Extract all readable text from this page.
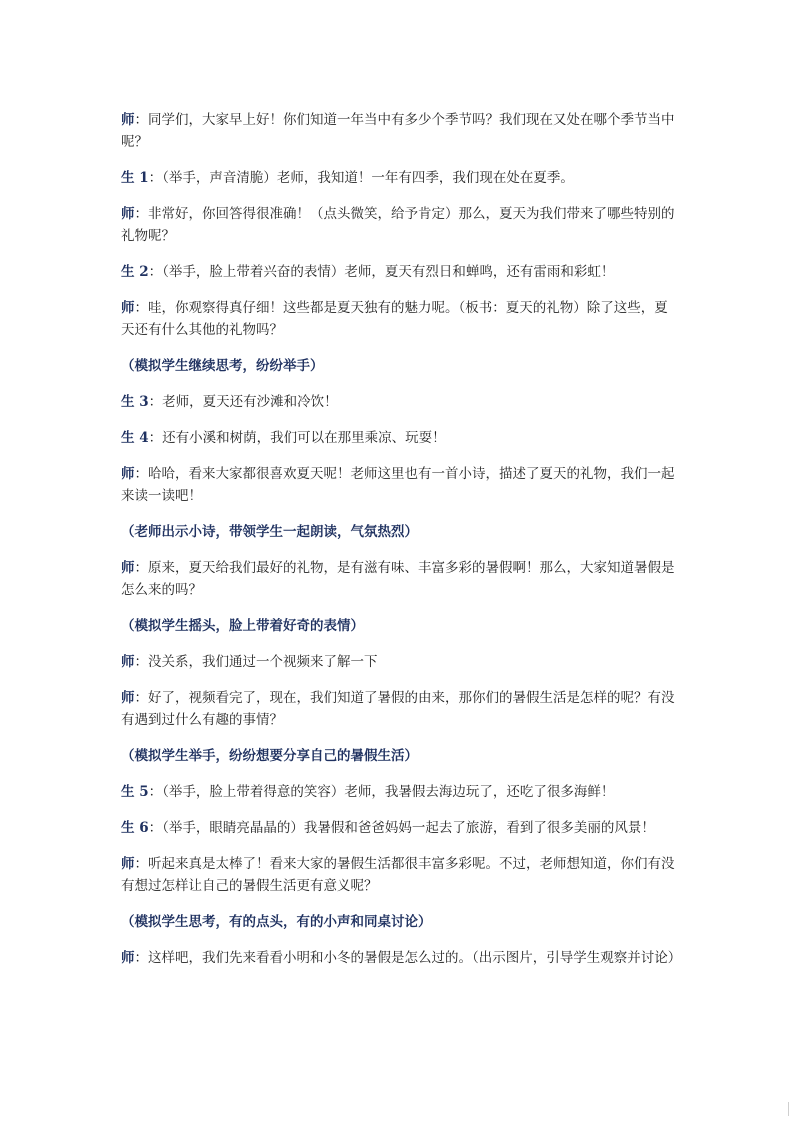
师：同学们，大家早上好！你们知道一年当中有多少个季节吗？我们现在又处在哪个季节当中呢？

生 1：（举手，声音清脆）老师，我知道！一年有四季，我们现在处在夏季。

师：非常好，你回答得很准确！（点头微笑，给予肯定）那么，夏天为我们带来了哪些特别的礼物呢？

生 2：（举手，脸上带着兴奋的表情）老师，夏天有烈日和蝉鸣，还有雷雨和彩虹！

师：哇，你观察得真仔细！这些都是夏天独有的魅力呢。（板书：夏天的礼物）除了这些，夏天还有什么其他的礼物吗？

（模拟学生继续思考，纷纷举手）

生 3：老师，夏天还有沙滩和冷饮！

生 4：还有小溪和树荫，我们可以在那里乘凉、玩耍！

师：哈哈，看来大家都很喜欢夏天呢！老师这里也有一首小诗，描述了夏天的礼物，我们一起来读一读吧！

（老师出示小诗，带领学生一起朗读，气氛热烈）

师：原来，夏天给我们最好的礼物，是有滋有味、丰富多彩的暑假啊！那么，大家知道暑假是怎么来的吗？

（模拟学生摇头，脸上带着好奇的表情）

师：没关系，我们通过一个视频来了解一下

师：好了，视频看完了，现在，我们知道了暑假的由来，那你们的暑假生活是怎样的呢？有没有遇到过什么有趣的事情？

（模拟学生举手，纷纷想要分享自己的暑假生活）

生 5：（举手，脸上带着得意的笑容）老师，我暑假去海边玩了，还吃了很多海鲜！

生 6：（举手，眼睛亮晶晶的）我暑假和爸爸妈妈一起去了旅游，看到了很多美丽的风景！

师：听起来真是太棒了！看来大家的暑假生活都很丰富多彩呢。不过，老师想知道，你们有没有想过怎样让自己的暑假生活更有意义呢？

（模拟学生思考，有的点头，有的小声和同桌讨论）

师：这样吧，我们先来看看小明和小冬的暑假是怎么过的。（出示图片，引导学生观察并讨论）
